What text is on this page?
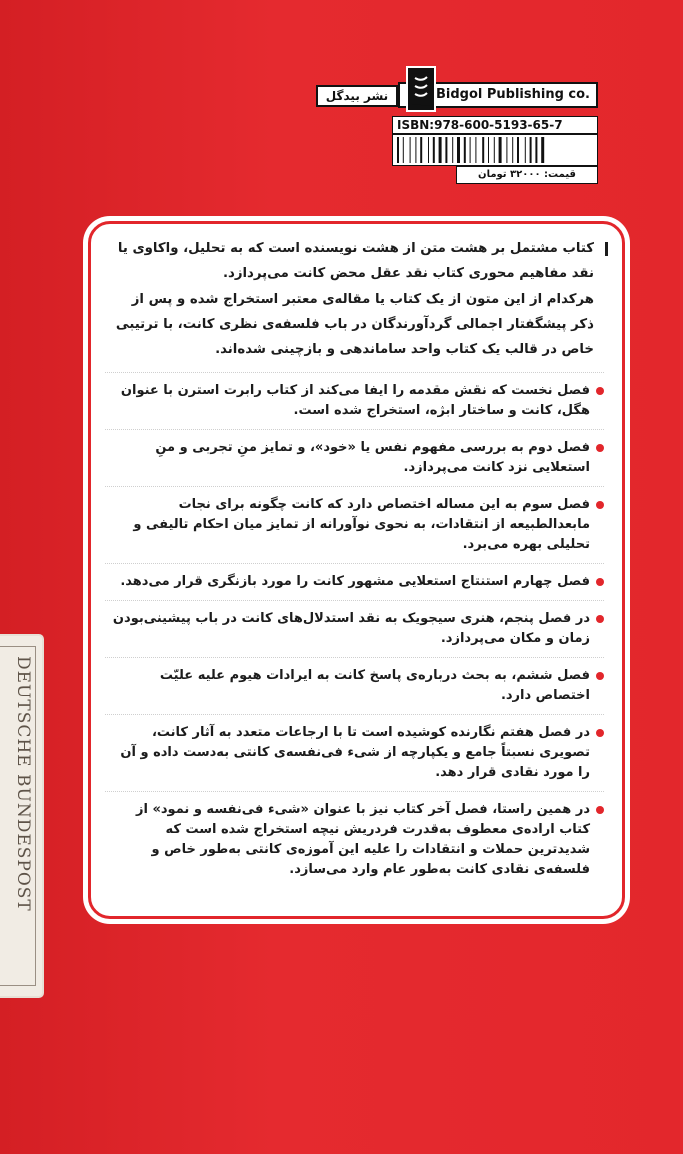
Bidgol Publishing co.
نشر بیدگل
ISBN:978-600-5193-65-7
قیمت: ۳۲۰۰۰ تومان
کتاب مشتمل بر هشت متن از هشت نویسنده است که به تحلیل، واکاوی یا نقد مفاهیم محوری کتاب نقد عقل محض کانت می‌پردازد.
هرکدام از این متون از یک کتاب یا مقاله‌ی معتبر استخراج شده و پس از ذکر پیشگفتار اجمالی گردآورندگان در باب فلسفه‌ی نظری کانت، با ترتیبی خاص در قالب یک کتاب واحد ساماندهی و بازچینی شده‌اند.
فصل نخست که نقش مقدمه را ایفا می‌کند از کتاب رابرت استرن با عنوان هگل، کانت و ساختار ابژه، استخراج شده است.
فصل دوم به بررسی مفهوم نفس یا «خود»، و تمایز منِ تجربی و منِ استعلایی نزد کانت می‌پردازد.
فصل سوم به این مساله اختصاص دارد که کانت چگونه برای نجات مابعدالطبیعه از انتقادات، به نحوی نوآورانه از تمایز میان احکام تالیفی و تحلیلی بهره می‌برد.
فصل چهارم استنتاج استعلایی مشهور کانت را مورد بازنگری قرار می‌دهد.
در فصل پنجم، هنری سیجویک به نقد استدلال‌های کانت در باب پیشینی‌بودن زمان و مکان می‌پردازد.
فصل ششم، به بحث درباره‌ی پاسخ کانت به ایرادات هیوم علیه علیّت اختصاص دارد.
در فصل هفتم نگارنده کوشیده است تا با ارجاعات متعدد به آثار کانت، تصویری نسبتاً جامع و یکپارچه از شیء فی‌نفسه‌ی کانتی به‌دست داده و آن را مورد نقادی قرار دهد.
در همین راستا، فصل آخر کتاب نیز با عنوان «شیء فی‌نفسه و نمود» از کتاب اراده‌ی معطوف به‌قدرت فردریش نیچه استخراج شده است که شدیدترین حملات و انتقادات را علیه این آموزه‌ی کانتی به‌طور خاص و فلسفه‌ی نقادی کانت به‌طور عام وارد می‌سازد.
DEUTSCHE BUNDESPOST
